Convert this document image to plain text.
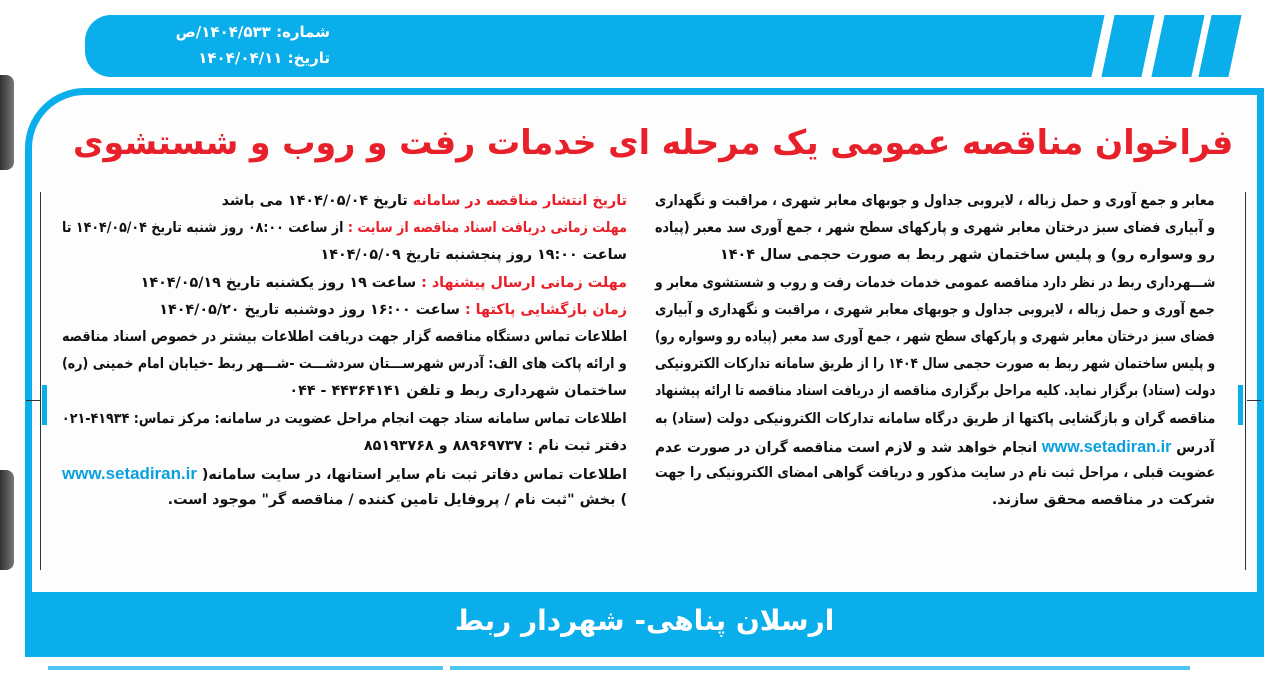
شماره: ۱۴۰۴/۵۳۳/ص
تاریخ: ۱۴۰۴/۰۴/۱۱
فراخوان مناقصه عمومی یک مرحله ای خدمات رفت و روب و شستشوی
معابر و جمع آوری و حمل زباله ، لایروبی جداول و جوبهای معابر شهری ، مراقبت و نگهداری
و آبیاری فضای سبز درختان معابر شهری و پارکهای سطح شهر ، جمع آوری سد معبر (پیاده
رو وسواره رو) و پلیس ساختمان شهر ربط به صورت حجمی سال ۱۴۰۴
شـــهرداری ربط در نظر دارد مناقصه عمومی خدمات خدمات رفت و روب و شستشوی معابر و
جمع آوری و حمل زباله ، لایروبی جداول و جوبهای معابر شهری ، مراقبت و نگهداری و آبیاری
فضای سبز درختان معابر شهری و پارکهای سطح شهر ، جمع آوری سد معبر (پیاده رو وسواره رو)
و پلیس ساختمان شهر ربط به صورت حجمی سال ۱۴۰۴ را از طریق سامانه تدارکات الکترونیکی
دولت (ستاد) برگزار نماید. کلیه مراحل برگزاری مناقصه از دریافت اسناد مناقصه تا ارائه پیشنهاد
مناقصه گران و بازگشایی پاکتها از طریق درگاه سامانه تدارکات الکترونیکی دولت (ستاد) به
آدرس www.setadiran.ir انجام خواهد شد و لازم است مناقصه گران در صورت عدم
عضویت قبلی ، مراحل ثبت نام در سایت مذکور و دریافت گواهی امضای الکترونیکی را جهت
شرکت در مناقصه محقق سازند.
تاریخ انتشار مناقصه در سامانه تاریخ ۱۴۰۴/۰۵/۰۴ می باشد
مهلت زمانی دریافت اسناد مناقصه از سایت : از ساعت ۰۸:۰۰ روز شنبه تاریخ ۱۴۰۴/۰۵/۰۴ تا
ساعت ۱۹:۰۰ روز پنجشنبه تاریخ ۱۴۰۴/۰۵/۰۹
مهلت زمانی ارسال پیشنهاد : ساعت ۱۹ روز یکشنبه تاریخ ۱۴۰۴/۰۵/۱۹
زمان بازگشایی پاکتها : ساعت ۱۶:۰۰ روز دوشنبه تاریخ ۱۴۰۴/۰۵/۲۰
اطلاعات تماس دستگاه مناقصه گزار جهت دریافت اطلاعات بیشتر در خصوص اسناد مناقصه
و ارائه پاکت های الف: آدرس شهرســـتان سردشـــت -شـــهر ربط -خیابان امام خمینی (ره)
ساختمان شهرداری ربط و تلفن ۴۴۳۶۴۱۴۱ - ۰۴۴
اطلاعات تماس سامانه ستاد جهت انجام مراحل عضویت در سامانه: مرکز تماس: ۴۱۹۳۴-۰۲۱
دفتر ثبت نام : ۸۸۹۶۹۷۳۷ و ۸۵۱۹۳۷۶۸
اطلاعات تماس دفاتر ثبت نام سایر استانها، در سایت سامانه( www.setadiran.ir
) بخش "ثبت نام / پروفایل تامین کننده / مناقصه گر" موجود است.
ارسلان پناهی- شهردار ربط
